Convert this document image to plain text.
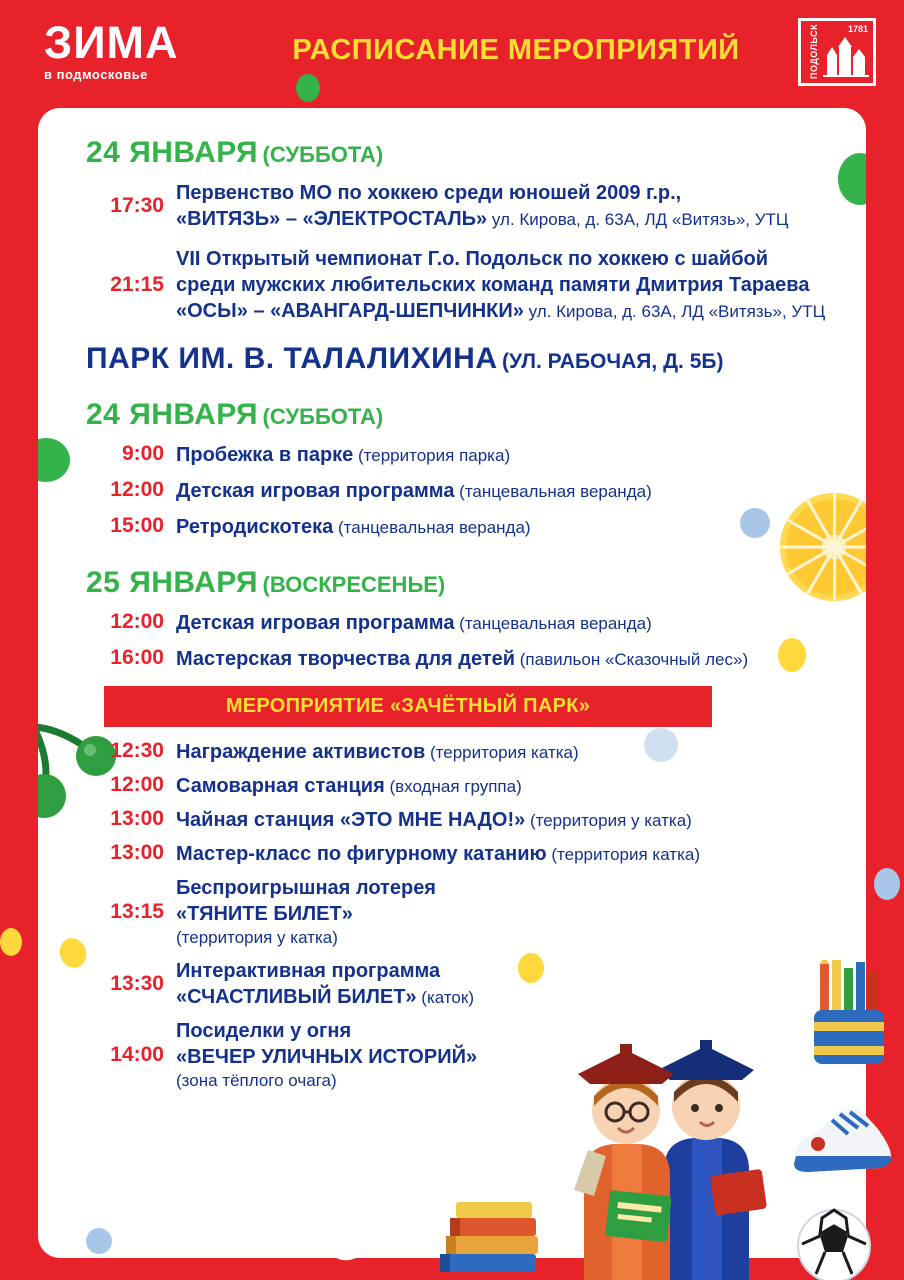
ЗИМА
в подмосковье
РАСПИСАНИЕ МЕРОПРИЯТИЙ	ПОДОЛЬСК	1781
24 ЯНВАРЯ (СУББОТА)
17:30
Первенство МО по хоккею среди юношей 2009 г.р.,
«ВИТЯЗЬ» – «ЭЛЕКТРОСТАЛЬ» ул. Кирова, д. 63А, ЛД «Витязь», УТЦ
21:15
VII Открытый чемпионат Г.о. Подольск по хоккею с шайбой
среди мужских любительских команд памяти Дмитрия Тараева
«ОСЫ» – «АВАНГАРД-ШЕПЧИНКИ» ул. Кирова, д. 63А, ЛД «Витязь», УТЦ
ПАРК ИМ. В. ТАЛАЛИХИНА (УЛ. РАБОЧАЯ, Д. 5Б)
24 ЯНВАРЯ (СУББОТА)
9:00 Пробежка в парке (территория парка)
12:00 Детская игровая программа (танцевальная веранда)
15:00 Ретродискотека (танцевальная веранда)
25 ЯНВАРЯ (ВОСКРЕСЕНЬЕ)
12:00 Детская игровая программа (танцевальная веранда)
16:00 Мастерская творчества для детей (павильон «Сказочный лес»)
МЕРОПРИЯТИЕ «ЗАЧЁТНЫЙ ПАРК»
12:30 Награждение активистов (территория катка)
12:00 Самоварная станция (входная группа)
13:00 Чайная станция «ЭТО МНЕ НАДО!» (территория у катка)
13:00 Мастер-класс по фигурному катанию (территория катка)
13:15
Беспроигрышная лотерея
«ТЯНИТЕ БИЛЕТ»
(территория у катка)
13:30
Интерактивная программа
«СЧАСТЛИВЫЙ БИЛЕТ» (каток)
14:00
Посиделки у огня
«ВЕЧЕР УЛИЧНЫХ ИСТОРИЙ»
(зона тёплого очага)
